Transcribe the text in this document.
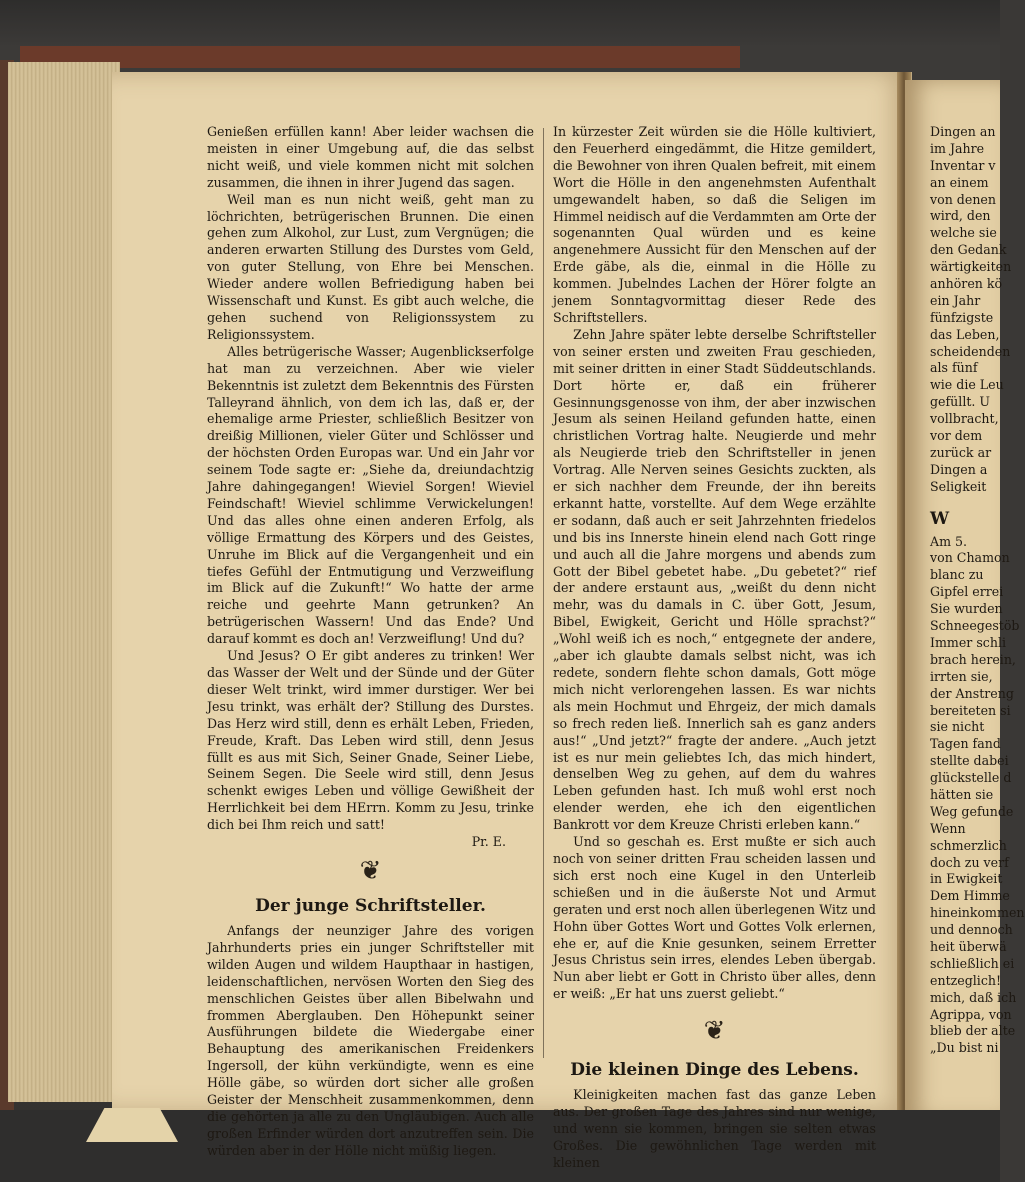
Genießen erfüllen kann! Aber leider wachsen die meisten in einer Umgebung auf, die das selbst nicht weiß, und viele kommen nicht mit solchen zusammen, die ihnen in ihrer Jugend das sagen.

Weil man es nun nicht weiß, geht man zu löchrichten, betrügerischen Brunnen. Die einen gehen zum Alkohol, zur Lust, zum Vergnügen; die anderen erwarten Stillung des Durstes vom Geld, von guter Stellung, von Ehre bei Menschen. Wieder andere wollen Befriedigung haben bei Wissenschaft und Kunst. Es gibt auch welche, die gehen suchend von Religionssystem zu Religionssystem.

Alles betrügerische Wasser; Augenblickserfolge hat man zu verzeichnen. Aber wie vieler Bekenntnis ist zuletzt dem Bekenntnis des Fürsten Talleyrand ähnlich, von dem ich las, daß er, der ehemalige arme Priester, schließlich Besitzer von dreißig Millionen, vieler Güter und Schlösser und der höchsten Orden Europas war. Und ein Jahr vor seinem Tode sagte er: „Siehe da, dreiundachtzig Jahre dahingegangen! Wieviel Sorgen! Wieviel Feindschaft! Wieviel schlimme Verwickelungen! Und das alles ohne einen anderen Erfolg, als völlige Ermattung des Körpers und des Geistes, Unruhe im Blick auf die Vergangenheit und ein tiefes Gefühl der Entmutigung und Verzweiflung im Blick auf die Zukunft!“ Wo hatte der arme reiche und geehrte Mann getrunken? An betrügerischen Wassern! Und das Ende? Und darauf kommt es doch an! Verzweiflung! Und du?

Und Jesus? O Er gibt anderes zu trinken! Wer das Wasser der Welt und der Sünde und der Güter dieser Welt trinkt, wird immer durstiger. Wer bei Jesu trinkt, was erhält der? Stillung des Durstes. Das Herz wird still, denn es erhält Leben, Frieden, Freude, Kraft. Das Leben wird still, denn Jesus füllt es aus mit Sich, Seiner Gnade, Seiner Liebe, Seinem Segen. Die Seele wird still, denn Jesus schenkt ewiges Leben und völlige Gewißheit der Herrlichkeit bei dem HErrn. Komm zu Jesu, trinke dich bei Ihm reich und satt!

Pr. E.
❦
Der junge Schriftsteller.

Anfangs der neunziger Jahre des vorigen Jahrhunderts pries ein junger Schriftsteller mit wilden Augen und wildem Haupthaar in hastigen, leidenschaftlichen, nervösen Worten den Sieg des menschlichen Geistes über allen Bibelwahn und frommen Aberglauben. Den Höhepunkt seiner Ausführungen bildete die Wiedergabe einer Behauptung des amerikanischen Freidenkers Ingersoll, der kühn verkündigte, wenn es eine Hölle gäbe, so würden dort sicher alle großen Geister der Menschheit zusammenkommen, denn die gehörten ja alle zu den Ungläubigen. Auch alle großen Erfinder würden dort anzutreffen sein. Die würden aber in der Hölle nicht müßig liegen.

In kürzester Zeit würden sie die Hölle kultiviert, den Feuerherd eingedämmt, die Hitze gemildert, die Bewohner von ihren Qualen befreit, mit einem Wort die Hölle in den angenehmsten Aufenthalt umgewandelt haben, so daß die Seligen im Himmel neidisch auf die Verdammten am Orte der sogenannten Qual würden und es keine angenehmere Aussicht für den Menschen auf der Erde gäbe, als die, einmal in die Hölle zu kommen. Jubelndes Lachen der Hörer folgte an jenem Sonntagvormittag dieser Rede des Schriftstellers.

Zehn Jahre später lebte derselbe Schriftsteller von seiner ersten und zweiten Frau geschieden, mit seiner dritten in einer Stadt Süddeutschlands. Dort hörte er, daß ein früherer Gesinnungsgenosse von ihm, der aber inzwischen Jesum als seinen Heiland gefunden hatte, einen christlichen Vortrag halte. Neugierde und mehr als Neugierde trieb den Schriftsteller in jenen Vortrag. Alle Nerven seines Gesichts zuckten, als er sich nachher dem Freunde, der ihn bereits erkannt hatte, vorstellte. Auf dem Wege erzählte er sodann, daß auch er seit Jahrzehnten friedelos und bis ins Innerste hinein elend nach Gott ringe und auch all die Jahre morgens und abends zum Gott der Bibel gebetet habe. „Du gebetet?“ rief der andere erstaunt aus, „weißt du denn nicht mehr, was du damals in C. über Gott, Jesum, Bibel, Ewigkeit, Gericht und Hölle sprachst?“ „Wohl weiß ich es noch,“ entgegnete der andere, „aber ich glaubte damals selbst nicht, was ich redete, sondern flehte schon damals, Gott möge mich nicht verlorengehen lassen. Es war nichts als mein Hochmut und Ehrgeiz, der mich damals so frech reden ließ. Innerlich sah es ganz anders aus!“ „Und jetzt?“ fragte der andere. „Auch jetzt ist es nur mein geliebtes Ich, das mich hindert, denselben Weg zu gehen, auf dem du wahres Leben gefunden hast. Ich muß wohl erst noch elender werden, ehe ich den eigentlichen Bankrott vor dem Kreuze Christi erleben kann.“

Und so geschah es. Erst mußte er sich auch noch von seiner dritten Frau scheiden lassen und sich erst noch eine Kugel in den Unterleib schießen und in die äußerste Not und Armut geraten und erst noch allen überlegenen Witz und Hohn über Gottes Wort und Gottes Volk erlernen, ehe er, auf die Knie gesunken, seinem Erretter Jesus Christus sein irres, elendes Leben übergab. Nun aber liebt er Gott in Christo über alles, denn er weiß: „Er hat uns zuerst geliebt.“

❦
Die kleinen Dinge des Lebens.

Kleinigkeiten machen fast das ganze Leben aus. Der großen Tage des Jahres sind nur wenige, und wenn sie kommen, bringen sie selten etwas Großes. Die gewöhnlichen Tage werden mit kleinen

Dingen an
im Jahre
Inventar v
an einem
von denen
wird, den
welche sie
den Gedank
wärtigkeiten
anhören kö
ein Jahr
fünfzigste
das Leben,
scheidenden
als fünf
wie die Leu
gefüllt. U
vollbracht,
vor dem
zurück ar
Dingen a
Seligkeit
W
Am 5.
von Chamon
blanc zu
Gipfel errei
Sie wurden
Schneegestöb
Immer schli
brach herein,
irrten sie,
der Anstreng
bereiteten si
sie nicht
Tagen fand
stellte dabei
glückstelle d
hätten sie
Weg gefunde
Wenn
schmerzlich
doch zu verf
in Ewigkeit
Dem Himme
hineinkommen
und dennoch
heit überwä
schließlich ei
entzeglich!
mich, daß ich
Agrippa, von
blieb der alte
„Du bist ni
